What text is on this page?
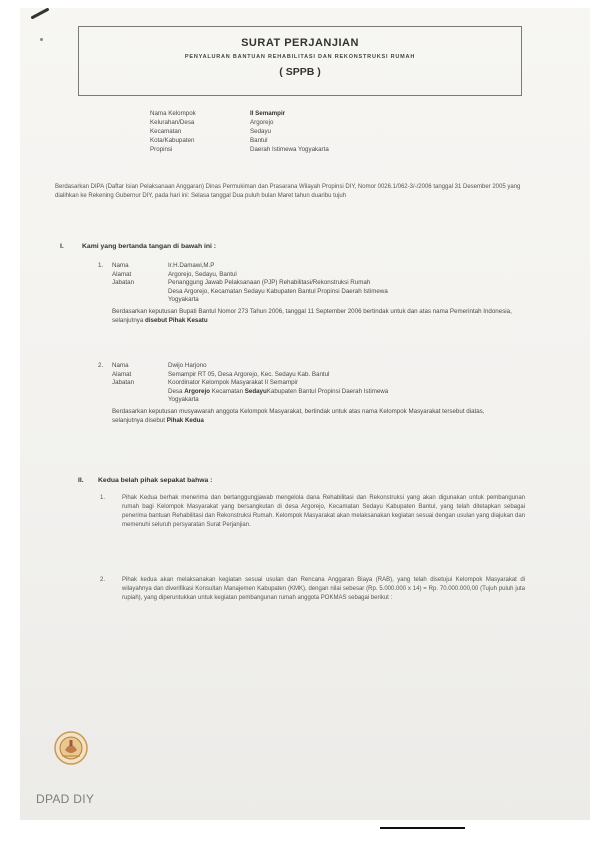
SURAT PERJANJIAN
PENYALURAN BANTUAN REHABILITASI DAN REKONSTRUKSI RUMAH
( SPPB )
Nama Kelompok	II Semampir
Kelurahan/Desa	Argorejo
Kecamatan	Sedayu
Kota/Kabupaten	Bantul
Propinsi	Daerah Istimewa Yogyakarta
Berdasarkan DIPA (Daftar Isian Pelaksanaan Anggaran) Dinas Permukiman dan Prasarana Wilayah Propinsi DIY, Nomor 0026.1/062-3/-/2006 tanggal 31 Desember 2005 yang dialihkan ke Rekening Gubernur DIY, pada hari ini: Selasa tanggal Dua puluh bulan Maret tahun duaribu tujuh
I.	Kami yang bertanda tangan di bawah ini :
1.	Nama	Ir.H.Damawi,M.P
Alamat	Argorejo, Sedayu, Bantul
Jabatan	Penanggung Jawab Pelaksanaan (PJP) Rehabilitasi/Rekonstruksi Rumah
Desa Argorejo, Kecamatan Sedayu Kabupaten Bantul Propinsi Daerah Istimewa
Yogyakarta
Berdasarkan keputusan Bupati Bantul Nomor 273 Tahun 2006, tanggal 11 September 2006 bertindak untuk dan atas nama Pemerintah Indonesia, selanjutnya disebut Pihak Kesatu
2.	Nama	Dwijo Harjono
Alamat	Semampir RT 05, Desa Argorejo, Kec. Sedayu Kab. Bantul
Jabatan	Koordinator Kelompok Masyarakat II Semampir
Desa Argorejo Kecamatan SedayuKabupaten Bantul Propinsi Daerah Istimewa
Yogyakarta
Berdasarkan keputusan musyawarah anggota Kelompok Masyarakat, bertindak untuk atas nama Kelompok Masyarakat tersebut diatas, selanjutnya disebut Pihak Kedua
II. Kedua belah pihak sepakat bahwa :
1.	Pihak Kedua berhak menerima dan bertanggungjawab mengelola dana Rehabilitasi dan Rekonstruksi yang akan digunakan untuk pembangunan rumah bagi Kelompok Masyarakat yang bersangkutan di desa Argorejo, Kecamatan Sedayu Kabupaten Bantul, yang telah ditetapkan sebagai penerima bantuan Rehabilitasi dan Rekonstruksi Rumah. Kelompok Masyarakat akan melaksanakan kegiatan sesuai dengan usulan yang diajukan dan memenuhi seluruh persyaratan Surat Perjanjian.
2.	Pihak kedua akan melaksanakan kegiatan sesuai usulan dan Rencana Anggaran Biaya (RAB), yang telah disetujui Kelompok Masyarakat di wilayahnya dan diverifikasi Konsultan Manajemen Kabupaten (KMK), dengan nilai sebesar (Rp. 5.000.000 x 14) = Rp. 70.000.000,00 (Tujuh puluh juta rupiah), yang diperuntukkan untuk kegiatan pembangunan rumah anggota POKMAS sebagai berikut :
DPAD DIY
